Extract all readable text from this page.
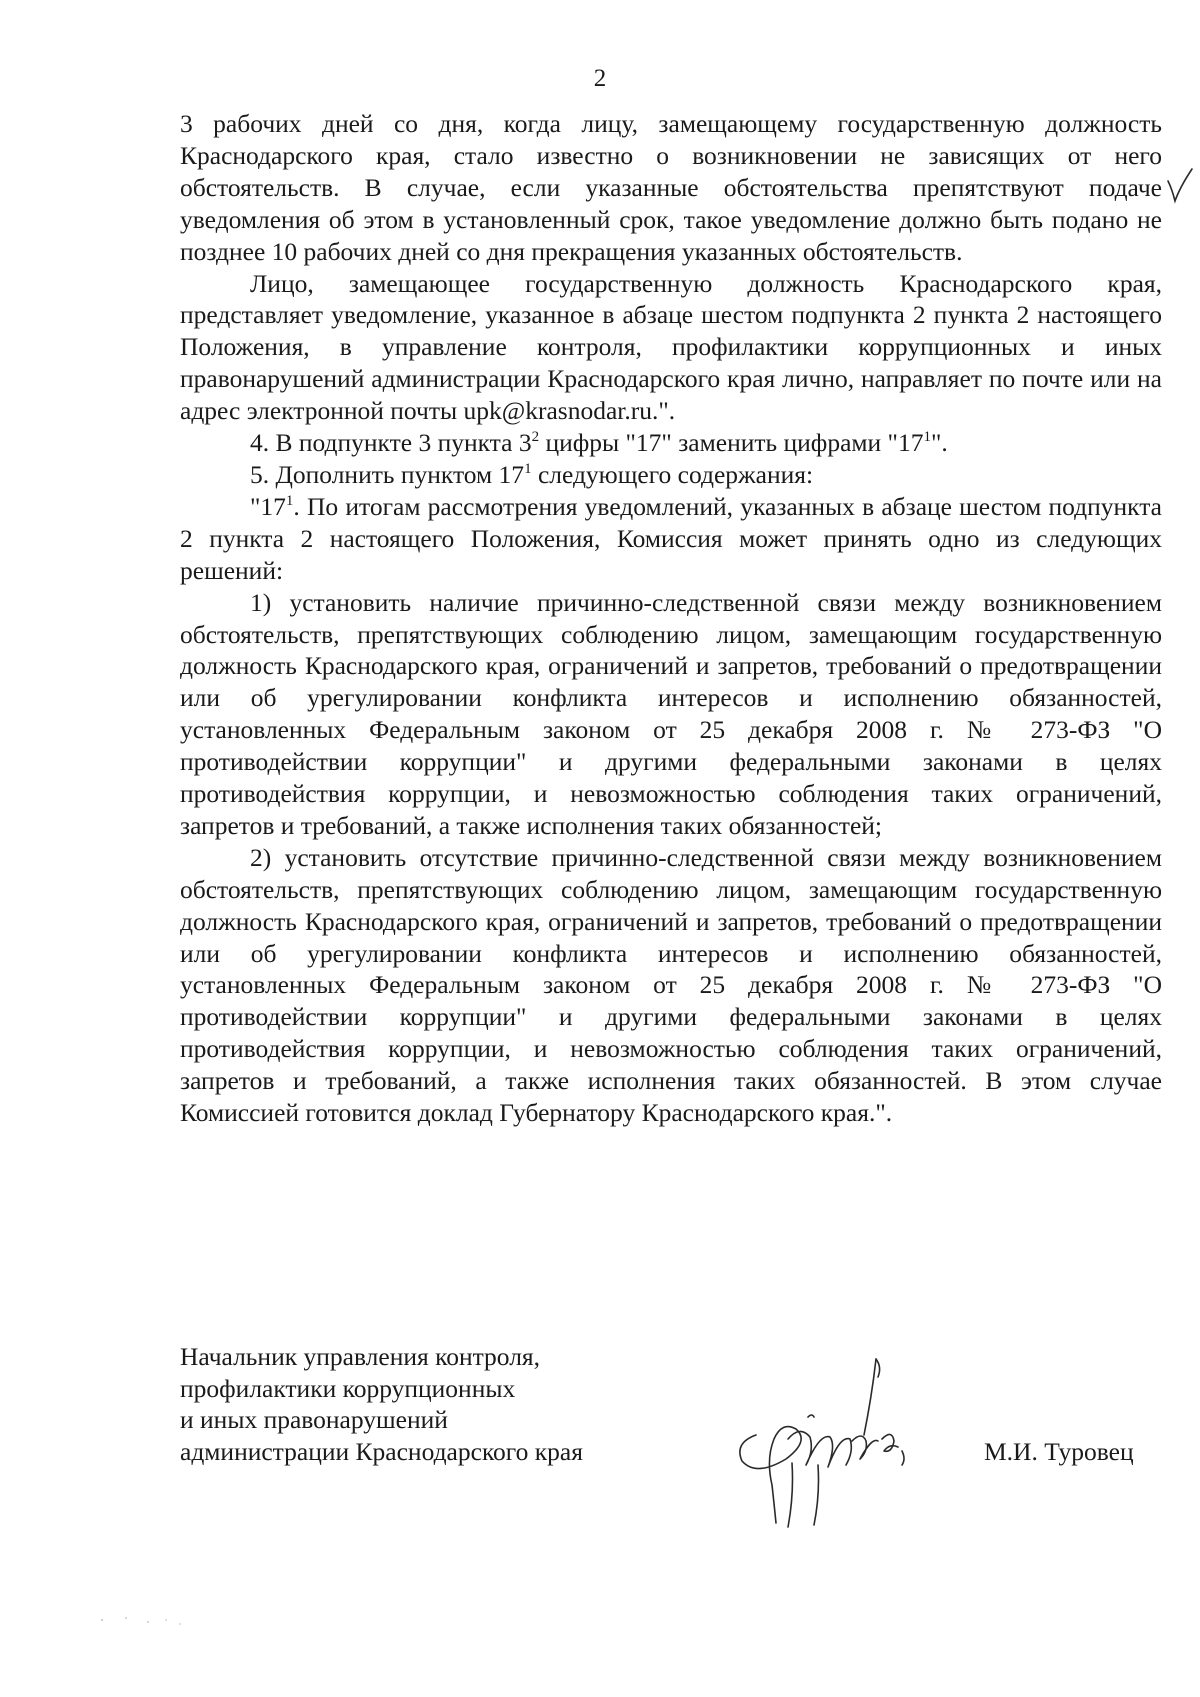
2

3 рабочих дней со дня, когда лицу, замещающему государственную должность Краснодарского края, стало известно о возникновении не зависящих от него обстоятельств. В случае, если указанные обстоятельства препятствуют подаче уведомления об этом в установленный срок, такое уведомление должно быть подано не позднее 10 рабочих дней со дня прекращения указанных обстоятельств.

Лицо, замещающее государственную должность Краснодарского края, представляет уведомление, указанное в абзаце шестом подпункта 2 пункта 2 настоящего Положения, в управление контроля, профилактики коррупционных и иных правонарушений администрации Краснодарского края лично, направляет по почте или на адрес электронной почты upk@krasnodar.ru.".

4. В подпункте 3 пункта $3^2$ цифры "17" заменить цифрами "$17^1$".

5. Дополнить пунктом $17^1$ следующего содержания:

"$17^1$. По итогам рассмотрения уведомлений, указанных в абзаце шестом подпункта 2 пункта 2 настоящего Положения, Комиссия может принять одно из следующих решений:

1) установить наличие причинно-следственной связи между возникновением обстоятельств, препятствующих соблюдению лицом, замещающим государственную должность Краснодарского края, ограничений и запретов, требований о предотвращении или об урегулировании конфликта интересов и исполнению обязанностей, установленных Федеральным законом от 25 декабря 2008 г. № 273-ФЗ "О противодействии коррупции" и другими федеральными законами в целях противодействия коррупции, и невозможностью соблюдения таких ограничений, запретов и требований, а также исполнения таких обязанностей;

2) установить отсутствие причинно-следственной связи между возникновением обстоятельств, препятствующих соблюдению лицом, замещающим государственную должность Краснодарского края, ограничений и запретов, требований о предотвращении или об урегулировании конфликта интересов и исполнению обязанностей, установленных Федеральным законом от 25 декабря 2008 г. № 273-ФЗ "О противодействии коррупции" и другими федеральными законами в целях противодействия коррупции, и невозможностью соблюдения таких ограничений, запретов и требований, а также исполнения таких обязанностей. В этом случае Комиссией готовится доклад Губернатору Краснодарского края.".

Начальник управления контроля,
профилактики коррупционных
и иных правонарушений
администрации Краснодарского края	М.И. Туровец
